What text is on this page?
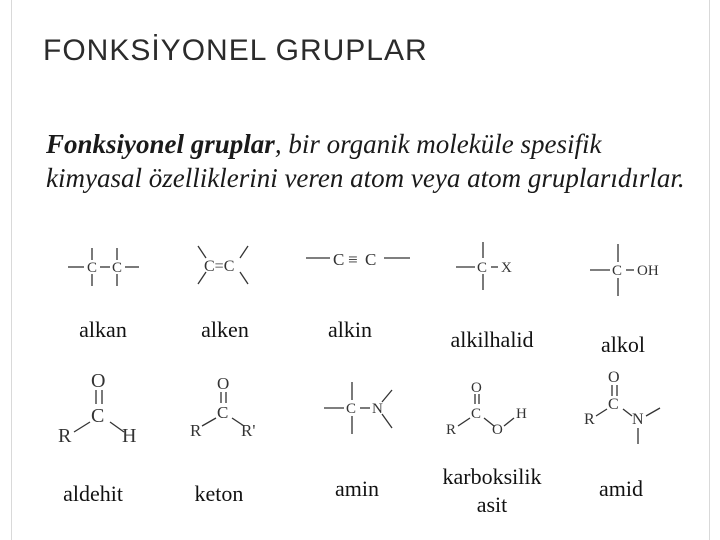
FONKSİYONEL GRUPLAR
Fonksiyonel gruplar, bir organik moleküle spesifik kimyasal özelliklerini veren atom veya atom gruplarıdırlar.
C C	C=C	C ≡ C	C X	C OH
alkan	alken	alkin	alkilhalid	alkol
O
C
R	H
O
C
R R'
C N
O
C
R O
H
O
C
R N
aldehit	keton	amin	karboksilik
asit
amid
